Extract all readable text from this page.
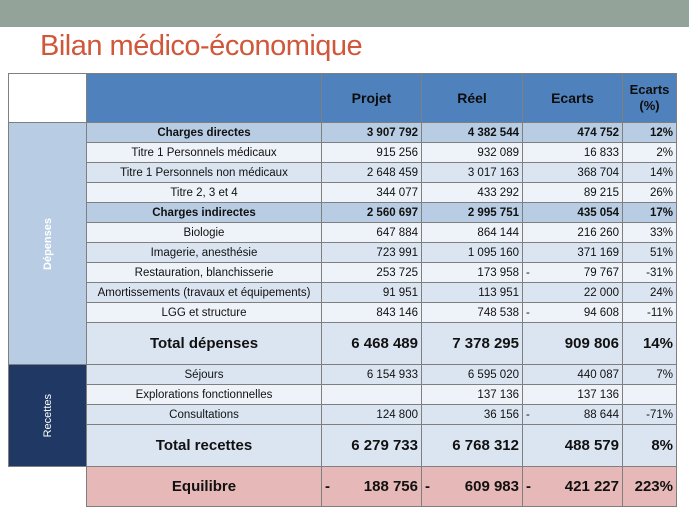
Bilan médico-économique
		Projet	Réel	Ecarts	Ecarts (%)

Dépenses	Charges directes	3 907 792	4 382 544	474 752	12%
	Titre 1 Personnels médicaux	915 256	932 089	16 833	2%
	Titre 1 Personnels non médicaux	2 648 459	3 017 163	368 704	14%
	Titre 2, 3 et 4	344 077	433 292	89 215	26%
	Charges indirectes	2 560 697	2 995 751	435 054	17%
	Biologie	647 884	864 144	216 260	33%
	Imagerie, anesthésie	723 991	1 095 160	371 169	51%
	Restauration, blanchisserie	253 725	173 958	- 79 767	-31%
	Amortissements (travaux et équipements)	91 951	113 951	22 000	24%
	LGG et structure	843 146	748 538	- 94 608	-11%
	Total dépenses	6 468 489	7 378 295	909 806	14%

Recettes	Séjours	6 154 933	6 595 020	440 087	7%
	Explorations fonctionnelles		137 136	137 136	
	Consultations	124 800	36 156	- 88 644	-71%
	Total recettes	6 279 733	6 768 312	488 579	8%
	Equilibre	- 188 756	- 609 983	- 421 227	223%
